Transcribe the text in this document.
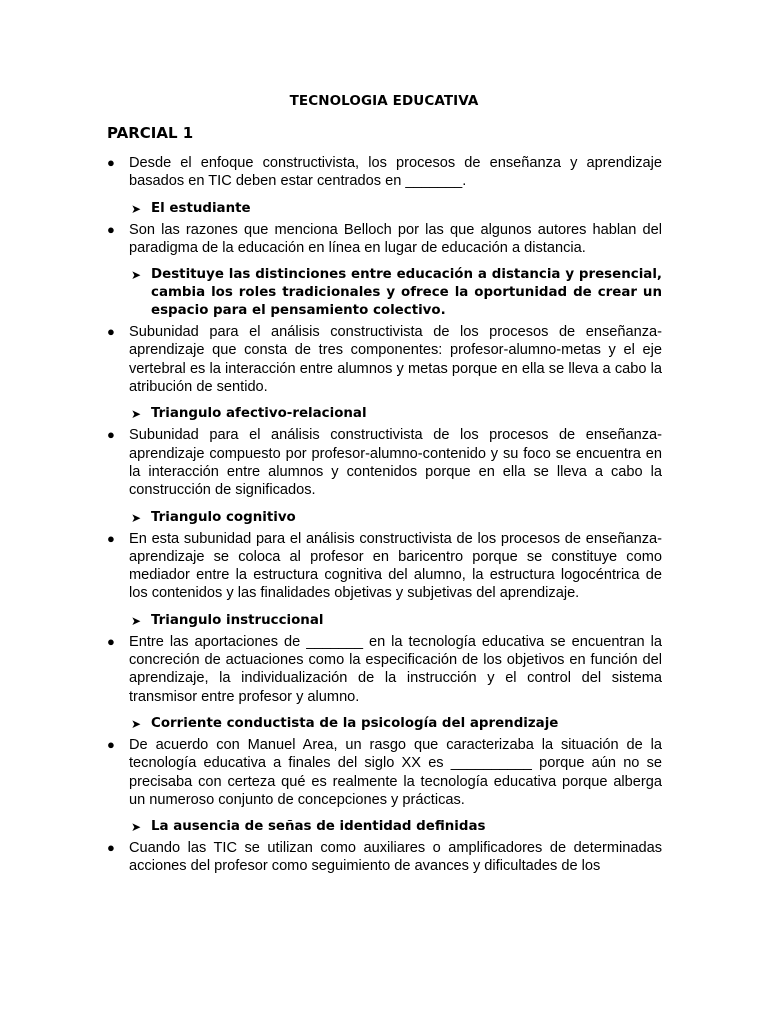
TECNOLOGIA EDUCATIVA
PARCIAL 1
● Desde el enfoque constructivista, los procesos de enseñanza y aprendizaje basados en TIC deben estar centrados en _______.
➤ El estudiante
● Son las razones que menciona Belloch por las que algunos autores hablan del paradigma de la educación en línea en lugar de educación a distancia.
➤ Destituye las distinciones entre educación a distancia y presencial, cambia los roles tradicionales y ofrece la oportunidad de crear un espacio para el pensamiento colectivo.
● Subunidad para el análisis constructivista de los procesos de enseñanza-aprendizaje que consta de tres componentes: profesor-alumno-metas y el eje vertebral es la interacción entre alumnos y metas porque en ella se lleva a cabo la atribución de sentido.
➤ Triangulo afectivo-relacional
● Subunidad para el análisis constructivista de los procesos de enseñanza-aprendizaje compuesto por profesor-alumno-contenido y su foco se encuentra en la interacción entre alumnos y contenidos porque en ella se lleva a cabo la construcción de significados.
➤ Triangulo cognitivo
● En esta subunidad para el análisis constructivista de los procesos de enseñanza-aprendizaje se coloca al profesor en baricentro porque se constituye como mediador entre la estructura cognitiva del alumno, la estructura logocéntrica de los contenidos y las finalidades objetivas y subjetivas del aprendizaje.
➤ Triangulo instruccional
● Entre las aportaciones de _______ en la tecnología educativa se encuentran la concreción de actuaciones como la especificación de los objetivos en función del aprendizaje, la individualización de la instrucción y el control del sistema transmisor entre profesor y alumno.
➤ Corriente conductista de la psicología del aprendizaje
● De acuerdo con Manuel Area, un rasgo que caracterizaba la situación de la tecnología educativa a finales del siglo XX es __________ porque aún no se precisaba con certeza qué es realmente la tecnología educativa porque alberga un numeroso conjunto de concepciones y prácticas.
➤ La ausencia de señas de identidad definidas
● Cuando las TIC se utilizan como auxiliares o amplificadores de determinadas acciones del profesor como seguimiento de avances y dificultades de los
